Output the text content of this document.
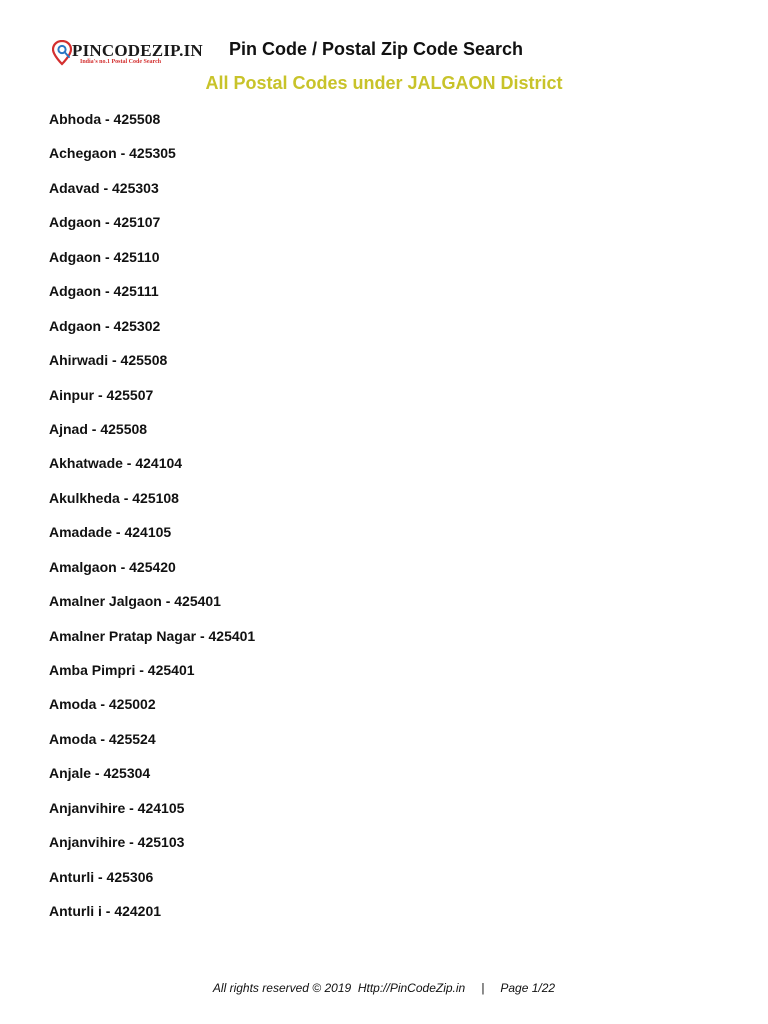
PINCODEZIP.IN
India's no.1 Postal Code Search
Pin Code / Postal Zip Code Search
All Postal Codes under JALGAON District
Abhoda - 425508
Achegaon - 425305
Adavad - 425303
Adgaon - 425107
Adgaon - 425110
Adgaon - 425111
Adgaon - 425302
Ahirwadi - 425508
Ainpur - 425507
Ajnad - 425508
Akhatwade - 424104
Akulkheda - 425108
Amadade - 424105
Amalgaon - 425420
Amalner Jalgaon - 425401
Amalner Pratap Nagar - 425401
Amba Pimpri - 425401
Amoda - 425002
Amoda - 425524
Anjale - 425304
Anjanvihire - 424105
Anjanvihire - 425103
Anturli - 425306
Anturli i - 424201
All rights reserved © 2019  Http://PinCodeZip.in | Page 1/22
